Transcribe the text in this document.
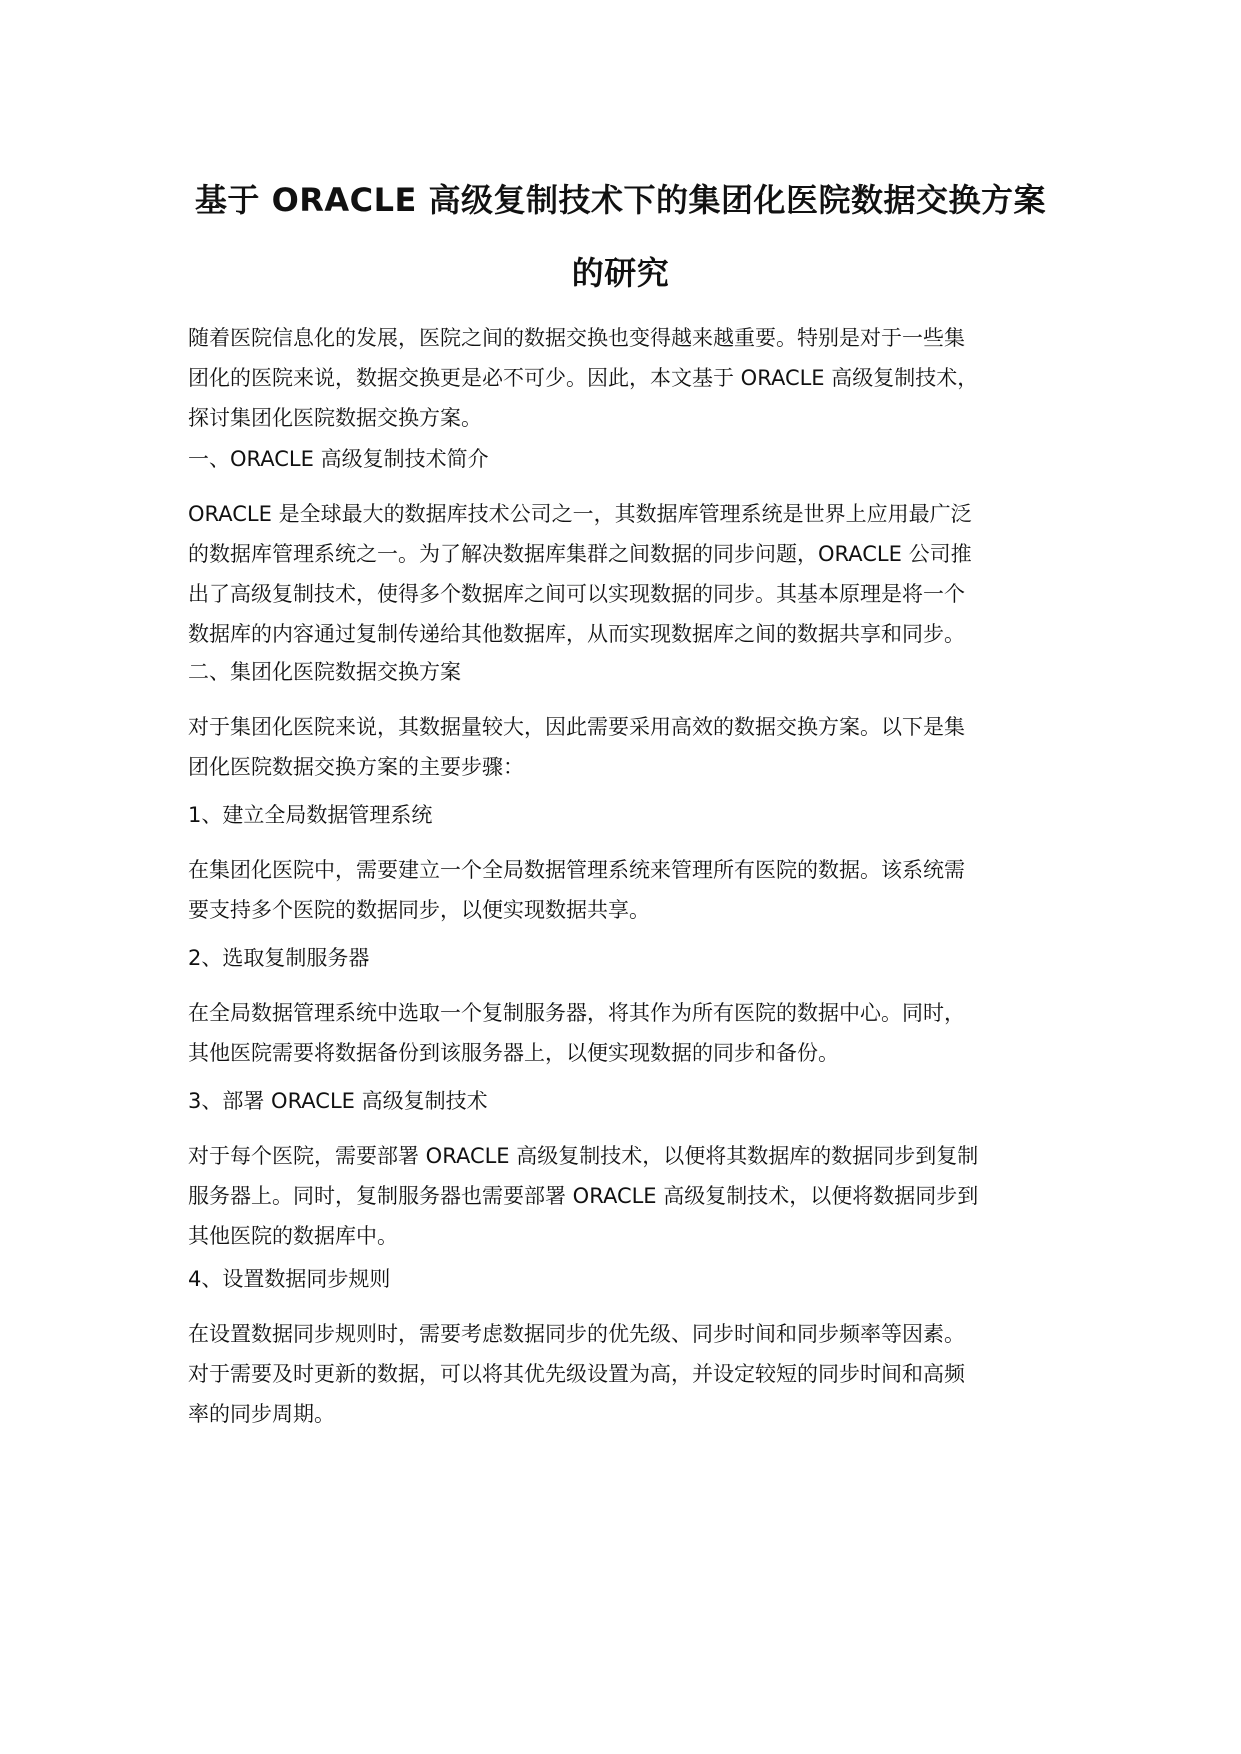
基于 ORACLE 高级复制技术下的集团化医院数据交换方案
的研究

随着医院信息化的发展，医院之间的数据交换也变得越来越重要。特别是对于一些集
团化的医院来说，数据交换更是必不可少。因此，本文基于 ORACLE 高级复制技术，
探讨集团化医院数据交换方案。

一、ORACLE 高级复制技术简介

ORACLE 是全球最大的数据库技术公司之一，其数据库管理系统是世界上应用最广泛
的数据库管理系统之一。为了解决数据库集群之间数据的同步问题，ORACLE 公司推
出了高级复制技术，使得多个数据库之间可以实现数据的同步。其基本原理是将一个
数据库的内容通过复制传递给其他数据库，从而实现数据库之间的数据共享和同步。

二、集团化医院数据交换方案

对于集团化医院来说，其数据量较大，因此需要采用高效的数据交换方案。以下是集
团化医院数据交换方案的主要步骤：

1、建立全局数据管理系统

在集团化医院中，需要建立一个全局数据管理系统来管理所有医院的数据。该系统需
要支持多个医院的数据同步，以便实现数据共享。

2、选取复制服务器

在全局数据管理系统中选取一个复制服务器，将其作为所有医院的数据中心。同时，
其他医院需要将数据备份到该服务器上，以便实现数据的同步和备份。

3、部署 ORACLE 高级复制技术

对于每个医院，需要部署 ORACLE 高级复制技术，以便将其数据库的数据同步到复制
服务器上。同时，复制服务器也需要部署 ORACLE 高级复制技术，以便将数据同步到
其他医院的数据库中。

4、设置数据同步规则

在设置数据同步规则时，需要考虑数据同步的优先级、同步时间和同步频率等因素。
对于需要及时更新的数据，可以将其优先级设置为高，并设定较短的同步时间和高频
率的同步周期。
